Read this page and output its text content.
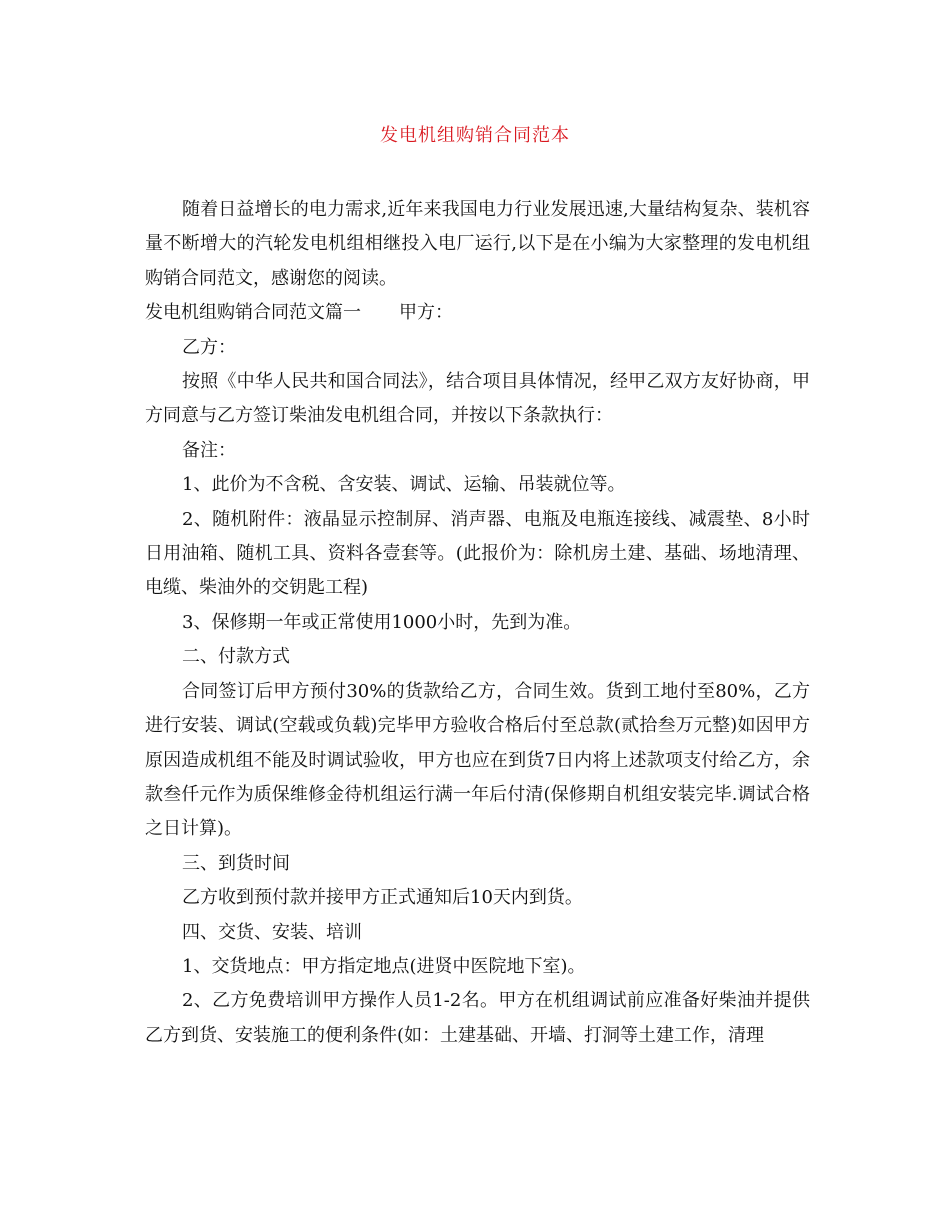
发电机组购销合同范本

随着日益增长的电力需求,近年来我国电力行业发展迅速,大量结构复杂、装机容量不断增大的汽轮发电机组相继投入电厂运行,以下是在小编为大家整理的发电机组购销合同范文，感谢您的阅读。

发电机组购销合同范文篇一 甲方：

乙方：

按照《中华人民共和国合同法》，结合项目具体情况，经甲乙双方友好协商，甲方同意与乙方签订柴油发电机组合同，并按以下条款执行：

备注：

1、此价为不含税、含安装、调试、运输、吊装就位等。

2、随机附件：液晶显示控制屏、消声器、电瓶及电瓶连接线、减震垫、8小时日用油箱、随机工具、资料各壹套等。(此报价为：除机房土建、基础、场地清理、电缆、柴油外的交钥匙工程)

3、保修期一年或正常使用1000小时，先到为准。

二、付款方式

合同签订后甲方预付30%的货款给乙方，合同生效。货到工地付至80%，乙方进行安装、调试(空载或负载)完毕甲方验收合格后付至总款(贰拾叁万元整)如因甲方原因造成机组不能及时调试验收，甲方也应在到货7日内将上述款项支付给乙方，余款叁仟元作为质保维修金待机组运行满一年后付清(保修期自机组安装完毕.调试合格之日计算)。

三、到货时间

乙方收到预付款并接甲方正式通知后10天内到货。

四、交货、安装、培训

1、交货地点：甲方指定地点(进贤中医院地下室)。

2、乙方免费培训甲方操作人员1-2名。甲方在机组调试前应准备好柴油并提供乙方到货、安装施工的便利条件(如：土建基础、开墙、打洞等土建工作，清理
